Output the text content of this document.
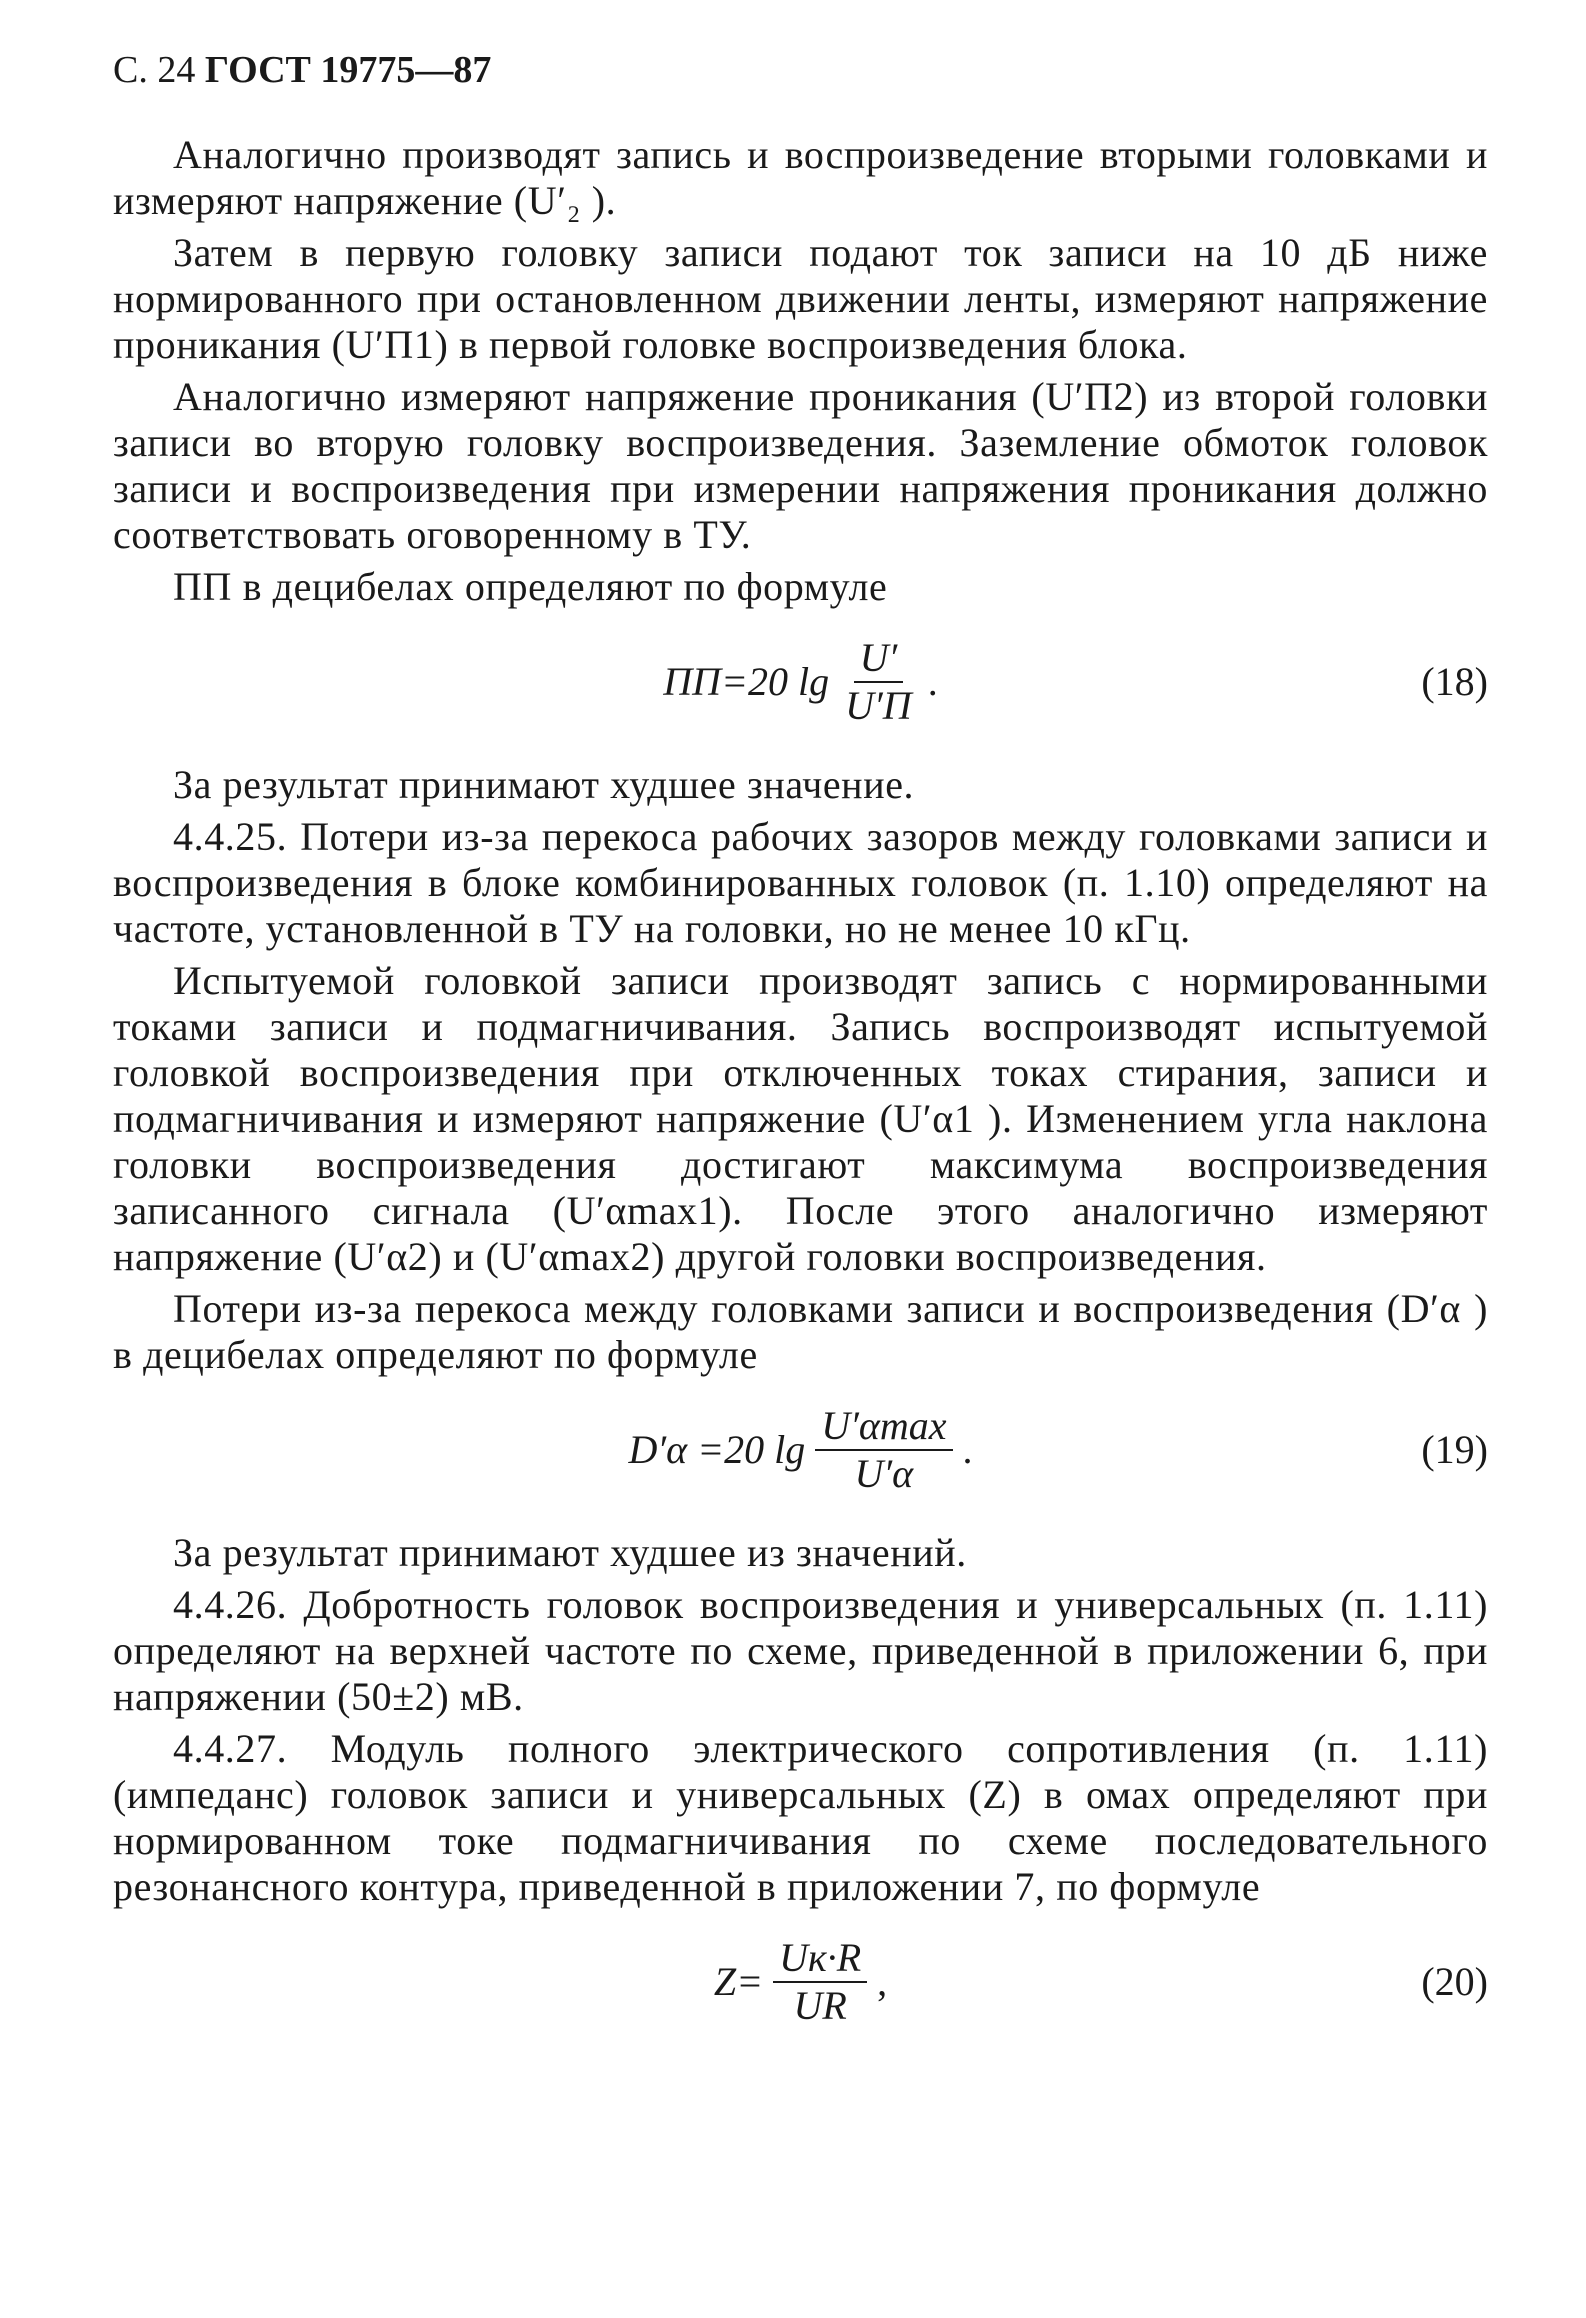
С. 24 ГОСТ 19775—87

Аналогично производят запись и воспроизведение вторыми головками и измеряют напряжение (U′₂ ).

Затем в первую головку записи подают ток записи на 10 дБ ниже нормированного при остановленном движении ленты, измеряют напряжение проникания (U′П1) в первой головке воспроизведения блока.

Аналогично измеряют напряжение проникания (U′П2) из второй головки записи во вторую головку воспроизведения. Заземление обмоток головок записи и воспроизведения при измерении напряжения проникания должно соответствовать оговоренному в ТУ.

ПП в децибелах определяют по формуле

ПП=20 $\lg \frac{U'}{U'П}$ .	(18)

За результат принимают худшее значение.

4.4.25. Потери из-за перекоса рабочих зазоров между головками записи и воспроизведения в блоке комбинированных головок (п. 1.10) определяют на частоте, установленной в ТУ на головки, но не менее 10 кГц.

Испытуемой головкой записи производят запись с нормированными токами записи и подмагничивания. Запись воспроизводят испытуемой головкой воспроизведения при отключенных токах стирания, записи и подмагничивания и измеряют напряжение (U′α1 ). Изменением угла наклона головки воспроизведения достигают максимума воспроизведения записанного сигнала (U′αmax1). После этого аналогично измеряют напряжение (U′α2) и (U′αmax2) другой головки воспроизведения.

Потери из-за перекоса между головками записи и воспроизведения (D′α ) в децибелах определяют по формуле

D′α =20 $\lg \frac{U'\alpha\max}{U'\alpha}$ .	(19)

За результат принимают худшее из значений.

4.4.26. Добротность головок воспроизведения и универсальных (п. 1.11) определяют на верхней частоте по схеме, приведенной в приложении 6, при напряжении (50±2) мВ.

4.4.27. Модуль полного электрического сопротивления (п. 1.11) (импеданс) головок записи и универсальных (Z) в омах определяют при нормированном токе подмагничивания по схеме последовательного резонансного контура, приведенной в приложении 7, по формуле

$Z= \frac{Uк\cdot R}{UR}$ ,	(20)
